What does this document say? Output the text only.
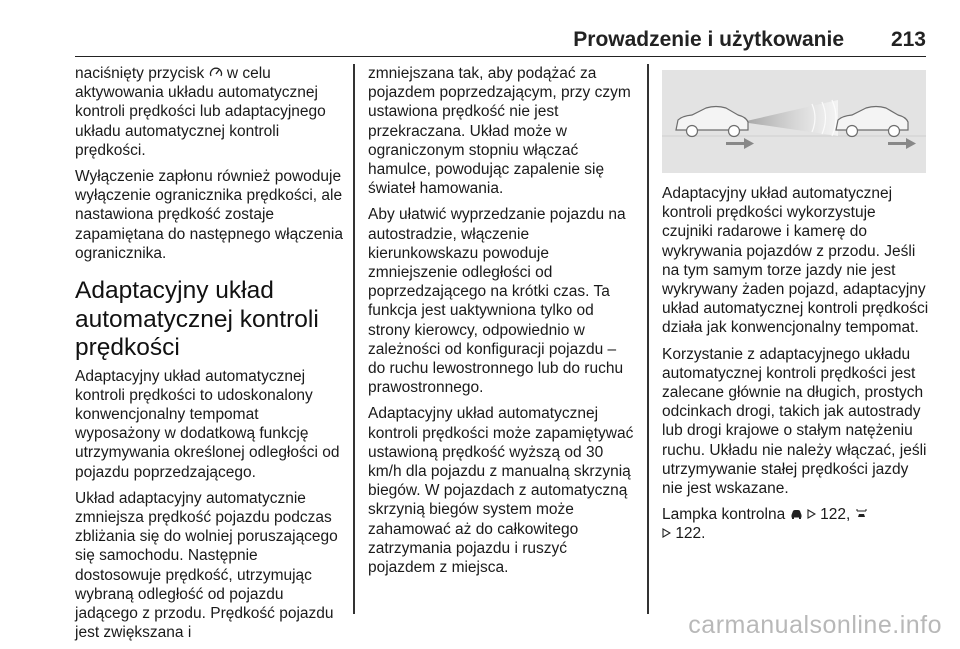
Prowadzenie i użytkowanie 213

naciśnięty przycisk w celu aktywowania układu automatycznej kontroli prędkości lub adaptacyjnego układu automatycznej kontroli prędkości.

Wyłączenie zapłonu również powoduje wyłączenie ogranicznika prędkości, ale nastawiona prędkość zostaje zapamiętana do następnego włączenia ogranicznika.

Adaptacyjny układ automatycznej kontroli prędkości

Adaptacyjny układ automatycznej kontroli prędkości to udoskonalony konwencjonalny tempomat wyposażony w dodatkową funkcję utrzymywania określonej odległości od pojazdu poprzedzającego.

Układ adaptacyjny automatycznie zmniejsza prędkość pojazdu podczas zbliżania się do wolniej poruszającego się samochodu. Następnie dostosowuje prędkość, utrzymując wybraną odległość od pojazdu jadącego z przodu. Prędkość pojazdu jest zwiększana i

zmniejszana tak, aby podążać za pojazdem poprzedzającym, przy czym ustawiona prędkość nie jest przekraczana. Układ może w ograniczonym stopniu włączać hamulce, powodując zapalenie się świateł hamowania.

Aby ułatwić wyprzedzanie pojazdu na autostradzie, włączenie kierunkowskazu powoduje zmniejszenie odległości od poprzedzającego na krótki czas. Ta funkcja jest uaktywniona tylko od strony kierowcy, odpowiednio w zależności od konfiguracji pojazdu – do ruchu lewostronnego lub do ruchu prawostronnego.

Adaptacyjny układ automatycznej kontroli prędkości może zapamiętywać ustawioną prędkość wyższą od 30 km/h dla pojazdu z manualną skrzynią biegów. W pojazdach z automatyczną skrzynią biegów system może zahamować aż do całkowitego zatrzymania pojazdu i ruszyć pojazdem z miejsca.

Adaptacyjny układ automatycznej kontroli prędkości wykorzystuje czujniki radarowe i kamerę do wykrywania pojazdów z przodu. Jeśli na tym samym torze jazdy nie jest wykrywany żaden pojazd, adaptacyjny układ automatycznej kontroli prędkości działa jak konwencjonalny tempomat.

Korzystanie z adaptacyjnego układu automatycznej kontroli prędkości jest zalecane głównie na długich, prostych odcinkach drogi, takich jak autostrady lub drogi krajowe o stałym natężeniu ruchu. Układu nie należy włączać, jeśli utrzymywanie stałej prędkości jazdy nie jest wskazane.

Lampka kontrolna 122,
122.

carmanualsonline.info
